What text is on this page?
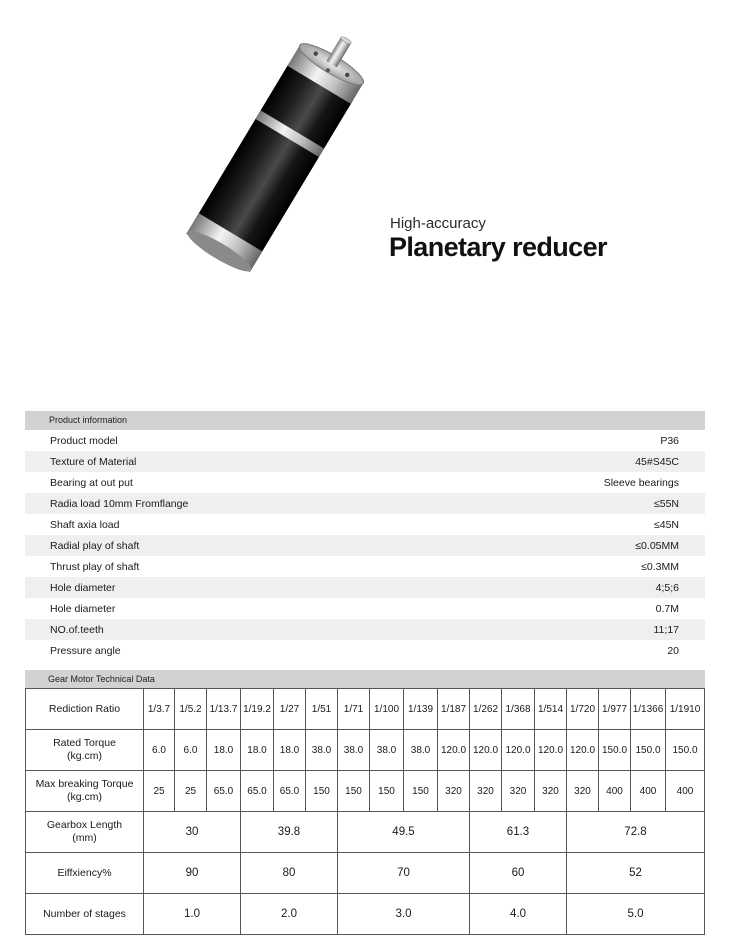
High-accuracy
Planetary reducer
Product information
Product model	P36
Texture of Material	45#S45C
Bearing at out put	Sleeve bearings
Radia load 10mm Fromflange	≤55N
Shaft axia load	≤45N
Radial play of shaft	≤0.05MM
Thrust play of shaft	≤0.3MM
Hole diameter	4;5;6
Hole diameter	0.7M
NO.of.teeth	11;17
Pressure angle	20
Gear Motor Technical Data
Rediction Ratio	1/3.7	1/5.2	1/13.7	1/19.2	1/27	1/51	1/71	1/100	1/139	1/187	1/262	1/368	1/514	1/720	1/977	1/1366	1/1910
Rated Torque
(kg.cm)	6.0	6.0	18.0	18.0	18.0	38.0	38.0	38.0	38.0	120.0	120.0	120.0	120.0	120.0	150.0	150.0	150.0
Max breaking Torque
(kg.cm)	25	25	65.0	65.0	65.0	150	150	150	150	320	320	320	320	320	400	400	400
Gearbox Length
(mm)	30			39.8			49.5				61.3			72.8			
Eiffxiency%	90			80			70				60			52			
Number of stages	1.0			2.0			3.0				4.0			5.0			
